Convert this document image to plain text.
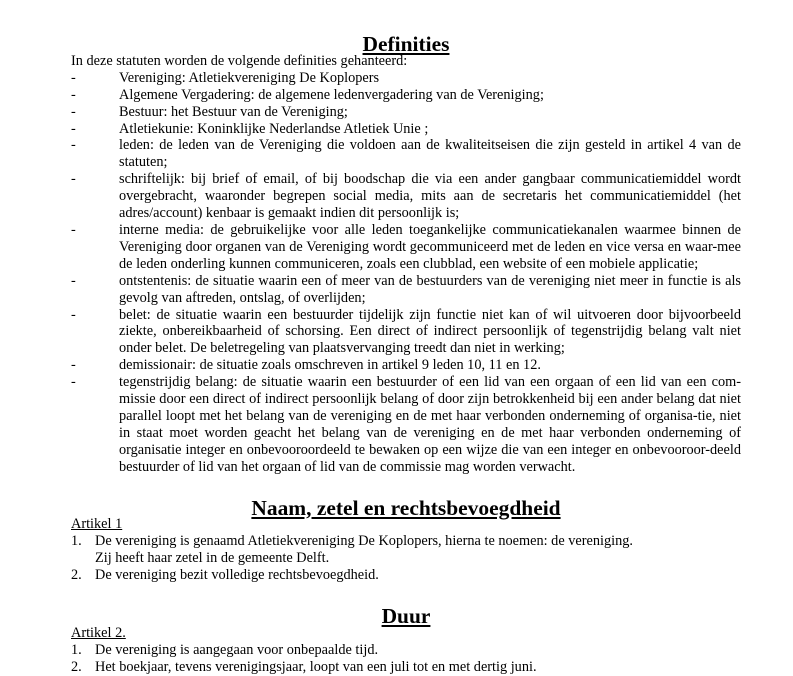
Definities

In deze statuten worden de volgende definities gehanteerd:

-	Vereniging: Atletiekvereniging De Koplopers
-	Algemene Vergadering: de algemene ledenvergadering van de Vereniging;
-	Bestuur: het Bestuur van de Vereniging;
-	Atletiekunie: Koninklijke Nederlandse Atletiek Unie ;
-	leden: de leden van de Vereniging die voldoen aan de kwaliteitseisen die zijn gesteld in artikel 4 van de statuten;
-	schriftelijk: bij brief of email, of bij boodschap die via een ander gangbaar communicatiemiddel wordt overgebracht, waaronder begrepen social media, mits aan de secretaris het communicatiemiddel (het adres/account) kenbaar is gemaakt indien dit persoonlijk is;
-	interne media: de gebruikelijke voor alle leden toegankelijke communicatiekanalen waarmee binnen de Vereniging door organen van de Vereniging wordt gecommuniceerd met de leden en vice versa en waar-mee de leden onderling kunnen communiceren, zoals een clubblad, een website of een mobiele applicatie;
-	ontstentenis: de situatie waarin een of meer van de bestuurders van de vereniging niet meer in functie is als gevolg van aftreden, ontslag, of overlijden;
-	belet: de situatie waarin een bestuurder tijdelijk zijn functie niet kan of wil uitvoeren door bijvoorbeeld ziekte, onbereikbaarheid of schorsing. Een direct of indirect persoonlijk of tegenstrijdig belang valt niet onder belet. De beletregeling van plaatsvervanging treedt dan niet in werking;
-	demissionair: de situatie zoals omschreven in artikel 9 leden 10, 11 en 12.
-	tegenstrijdig belang: de situatie waarin een bestuurder of een lid van een orgaan of een lid van een com-missie door een direct of indirect persoonlijk belang of door zijn betrokkenheid bij een ander belang dat niet parallel loopt met het belang van de vereniging en de met haar verbonden onderneming of organisa-tie, niet in staat moet worden geacht het belang van de vereniging en de met haar verbonden onderneming of organisatie integer en onbevooroordeeld te bewaken op een wijze die van een integer en onbevooroor-deeld bestuurder of lid van het orgaan of lid van de commissie mag worden verwacht.
Naam, zetel en rechtsbevoegdheid

Artikel 1

1. De vereniging is genaamd Atletiekvereniging De Koplopers, hierna te noemen: de vereniging.
Zij heeft haar zetel in de gemeente Delft.
2. De vereniging bezit volledige rechtsbevoegdheid.
Duur

Artikel 2.

1. De vereniging is aangegaan voor onbepaalde tijd.
2. Het boekjaar, tevens verenigingsjaar, loopt van een juli tot en met dertig juni.
